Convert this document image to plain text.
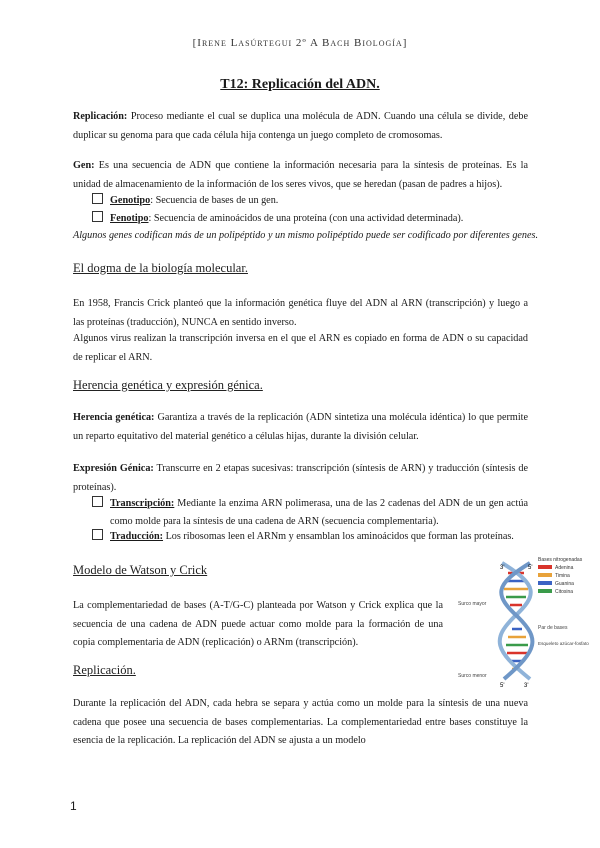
[Irene Lasúrtegui 2º A Bach Biología]
T12: Replicación del ADN.
Replicación: Proceso mediante el cual se duplica una molécula de ADN. Cuando una célula se divide, debe duplicar su genoma para que cada célula hija contenga un juego completo de cromosomas.
Gen: Es una secuencia de ADN que contiene la información necesaria para la síntesis de proteínas. Es la unidad de almacenamiento de la información de los seres vivos, que se heredan (pasan de padres a hijos).
Genotipo: Secuencia de bases de un gen.
Fenotipo: Secuencia de aminoácidos de una proteína (con una actividad determinada).
Algunos genes codifican más de un polipéptido y un mismo polipéptido puede ser codificado por diferentes genes.
El dogma de la biología molecular.
En 1958, Francis Crick planteó que la información genética fluye del ADN al ARN (transcripción) y luego a las proteínas (traducción), NUNCA en sentido inverso.
Algunos virus realizan la transcripción inversa en el que el ARN es copiado en forma de ADN o su capacidad de replicar el ARN.
Herencia genética y expresión génica.
Herencia genética: Garantiza a través de la replicación (ADN sintetiza una molécula idéntica) lo que permite un reparto equitativo del material genético a células hijas, durante la división celular.
Expresión Génica: Transcurre en 2 etapas sucesivas: transcripción (síntesis de ARN) y traducción (síntesis de proteínas).
Transcripción: Mediante la enzima ARN polimerasa, una de las 2 cadenas del ADN de un gen actúa como molde para la síntesis de una cadena de ARN (secuencia complementaria).
Traducción: Los ribosomas leen el ARNm y ensamblan los aminoácidos que forman las proteínas.
Modelo de Watson y Crick
La complementariedad de bases (A-T/G-C) planteada por Watson y Crick explica que la secuencia de una cadena de ADN puede actuar como molde para la formación de una copia complementaria de ADN (replicación) o ARNm (transcripción).
Replicación.
Durante la replicación del ADN, cada hebra se separa y actúa como un molde para la síntesis de una nueva cadena que posee una secuencia de bases complementarias. La complementariedad entre bases constituye la esencia de la replicación. La replicación del ADN se ajusta a un modelo
3'	5'
Surco mayor
Par de bases
Esqueleto azúcar-fosfato
Surco menor
5'	3'
Bases nitrogenadas
Adenina
Timina
Guanina
Citosina
1
